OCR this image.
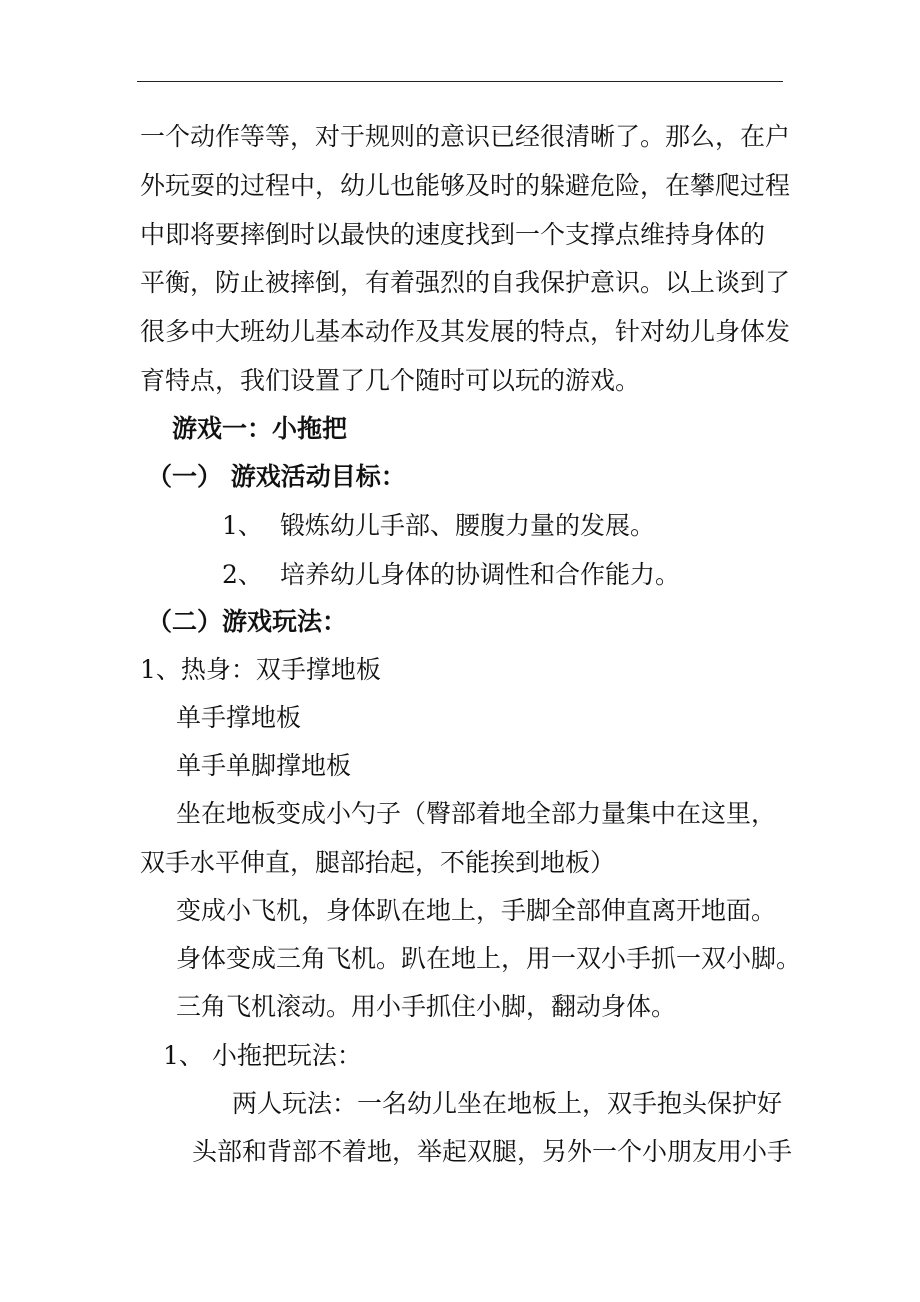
一个动作等等，对于规则的意识已经很清晰了。那么，在户
外玩耍的过程中，幼儿也能够及时的躲避危险，在攀爬过程
中即将要摔倒时以最快的速度找到一个支撑点维持身体的
平衡，防止被摔倒，有着强烈的自我保护意识。以上谈到了
很多中大班幼儿基本动作及其发展的特点，针对幼儿身体发
育特点，我们设置了几个随时可以玩的游戏。
游戏一：小拖把
（一） 游戏活动目标：
1、 锻炼幼儿手部、腰腹力量的发展。
2、 培养幼儿身体的协调性和合作能力。
（二）游戏玩法：
1、热身：双手撑地板
单手撑地板
单手单脚撑地板
坐在地板变成小勺子（臀部着地全部力量集中在这里，
双手水平伸直，腿部抬起，不能挨到地板）
变成小飞机，身体趴在地上，手脚全部伸直离开地面。
身体变成三角飞机。趴在地上，用一双小手抓一双小脚。
三角飞机滚动。用小手抓住小脚，翻动身体。
1、 小拖把玩法：
两人玩法：一名幼儿坐在地板上，双手抱头保护好
头部和背部不着地，举起双腿，另外一个小朋友用小手
